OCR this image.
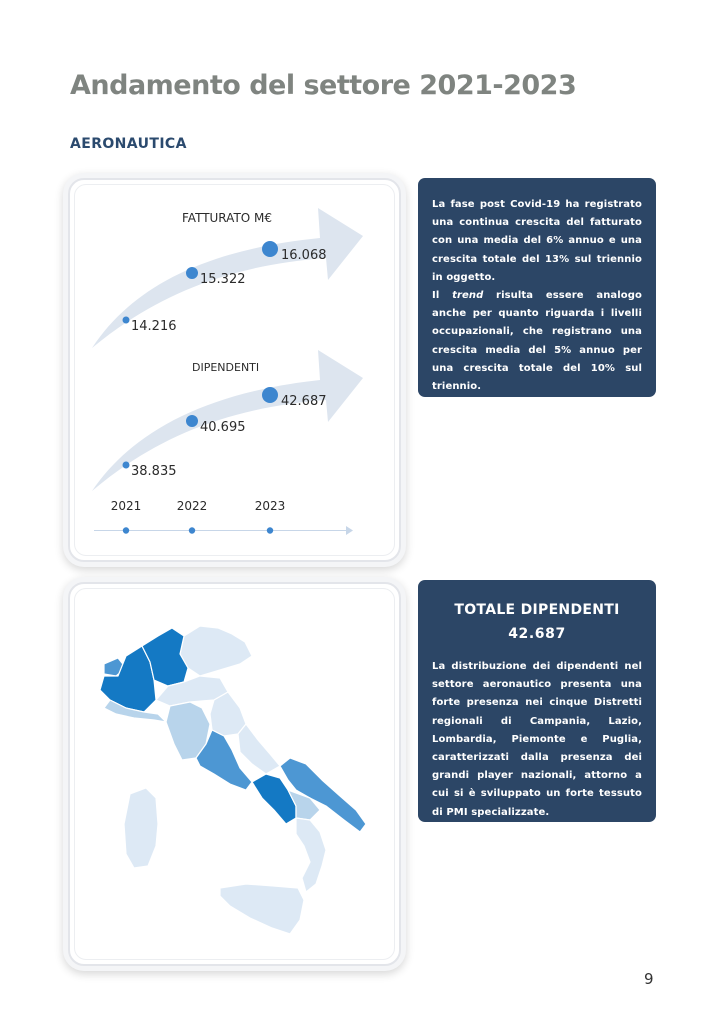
Andamento del settore 2021-2023
AERONAUTICA
FATTURATO M€
DIPENDENTI
14.216
15.322
16.068
38.835
40.695
42.687
2021	2022	2023

La fase post Covid-19 ha registrato una continua crescita del fatturato con una media del 6% annuo e una crescita totale del 13% sul triennio in oggetto.

Il trend risulta essere analogo anche per quanto riguarda i livelli occupazionali, che registrano una crescita media del 5% annuo per una crescita totale del 10% sul triennio.

TOTALE DIPENDENTI
42.687

La distribuzione dei dipendenti nel settore aeronautico presenta una forte presenza nei cinque Distretti regionali di Campania, Lazio, Lombardia, Piemonte e Puglia, caratterizzati dalla presenza dei grandi player nazionali, attorno a cui si è sviluppato un forte tessuto di PMI specializzate.

9
